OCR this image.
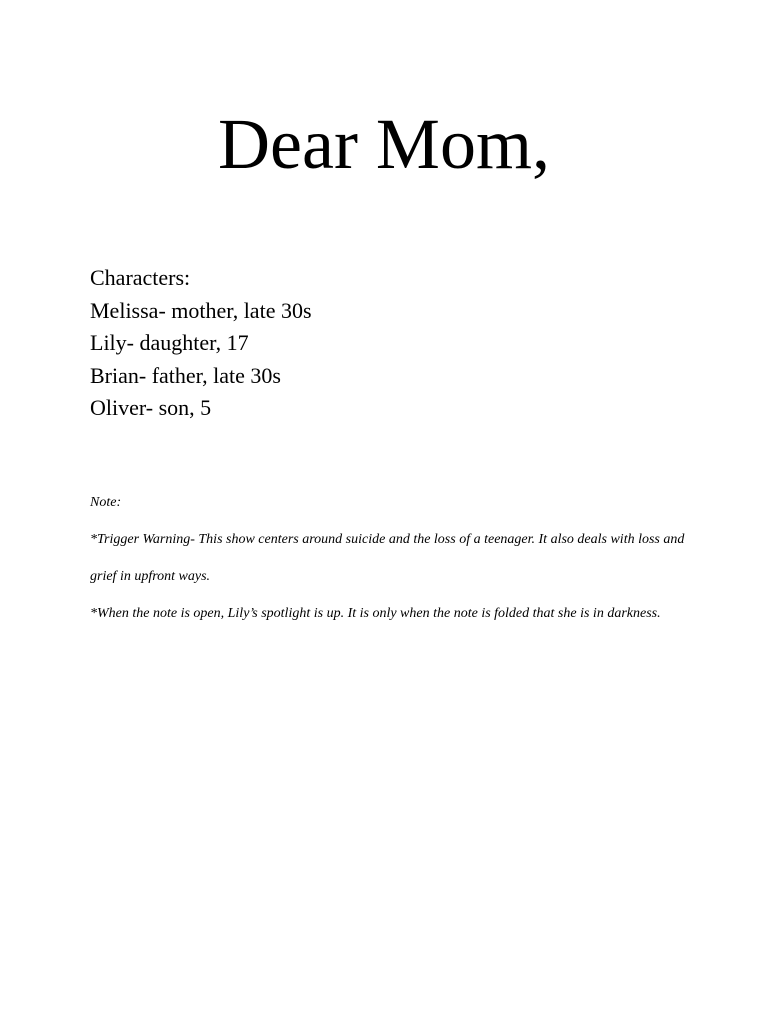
Dear Mom,
Characters:
Melissa- mother, late 30s
Lily- daughter, 17
Brian- father, late 30s
Oliver- son, 5

Note:

*Trigger Warning- This show centers around suicide and the loss of a teenager. It also deals with loss and grief in upfront ways.

*When the note is open, Lily’s spotlight is up. It is only when the note is folded that she is in darkness.
